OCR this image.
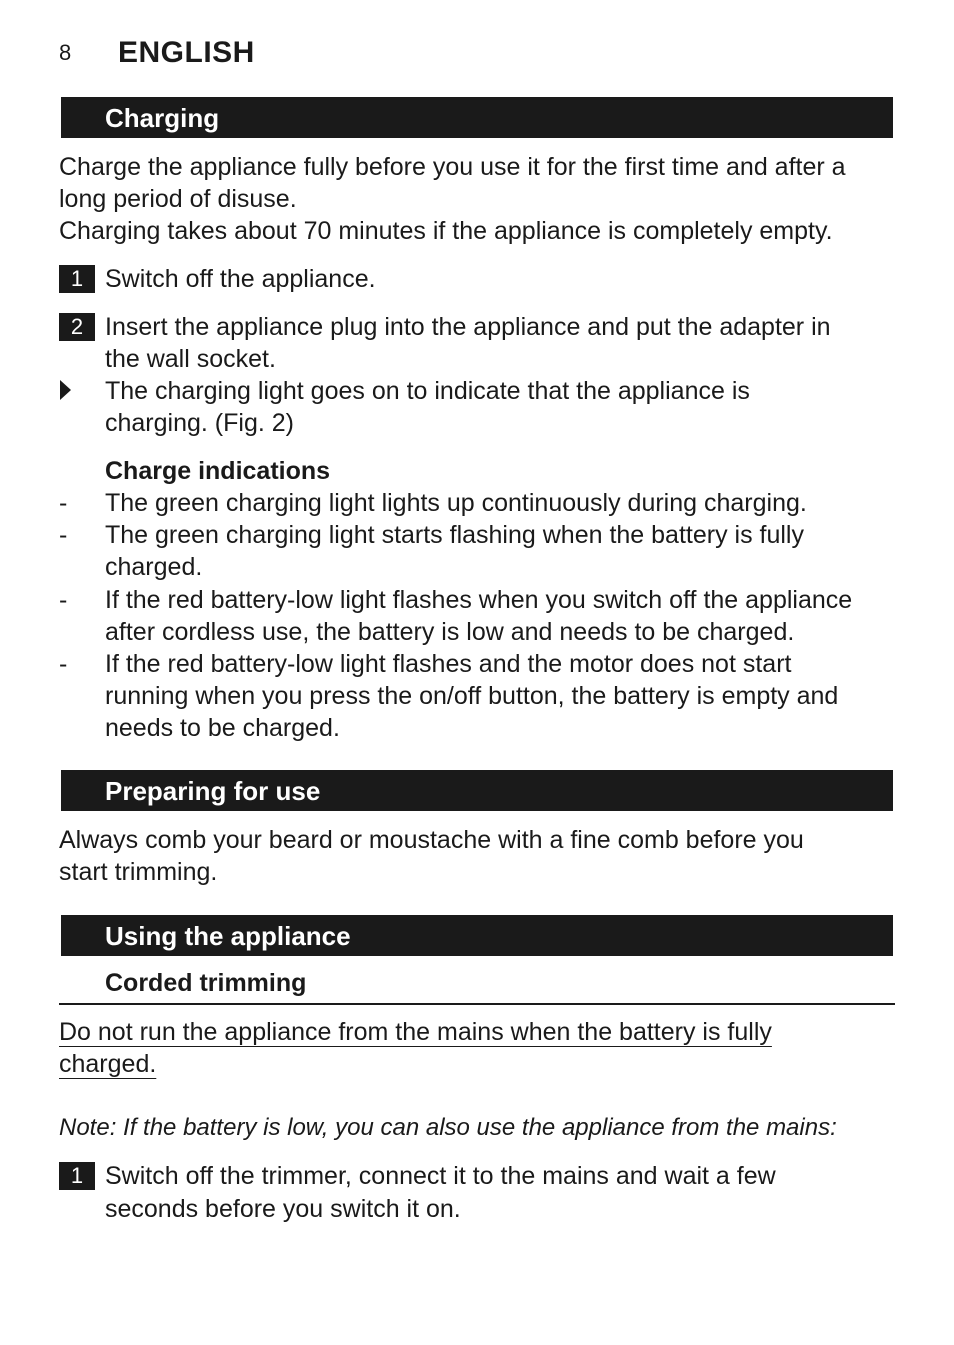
8 ENGLISH
Charging
Charge the appliance fully before you use it for the first time and after a
long period of disuse.
Charging takes about 70 minutes if the appliance is completely empty.
1 Switch off the appliance.
2 Insert the appliance plug into the appliance and put the adapter in
the wall socket.
The charging light goes on to indicate that the appliance is
charging. (Fig. 2)
Charge indications
- The green charging light lights up continuously during charging.
- The green charging light starts flashing when the battery is fully
charged.
- If the red battery-low light flashes when you switch off the appliance
after cordless use, the battery is low and needs to be charged.
- If the red battery-low light flashes and the motor does not start
running when you press the on/off button, the battery is empty and
needs to be charged.
Preparing for use
Always comb your beard or moustache with a fine comb before you
start trimming.
Using the appliance
Corded trimming
Do not run the appliance from the mains when the battery is fully
charged.
Note: If the battery is low, you can also use the appliance from the mains:
1 Switch off the trimmer, connect it to the mains and wait a few
seconds before you switch it on.
